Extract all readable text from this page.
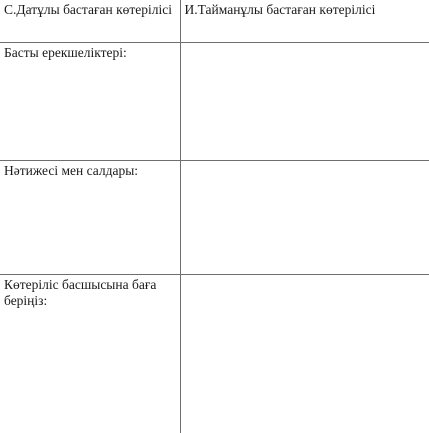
С.Датұлы бастаған көтерілісі	И.Тайманұлы бастаған көтерілісі

Басты ерекшеліктері:	

Нәтижесі мен салдары:	

Көтеріліс басшысына баға беріңіз:	
